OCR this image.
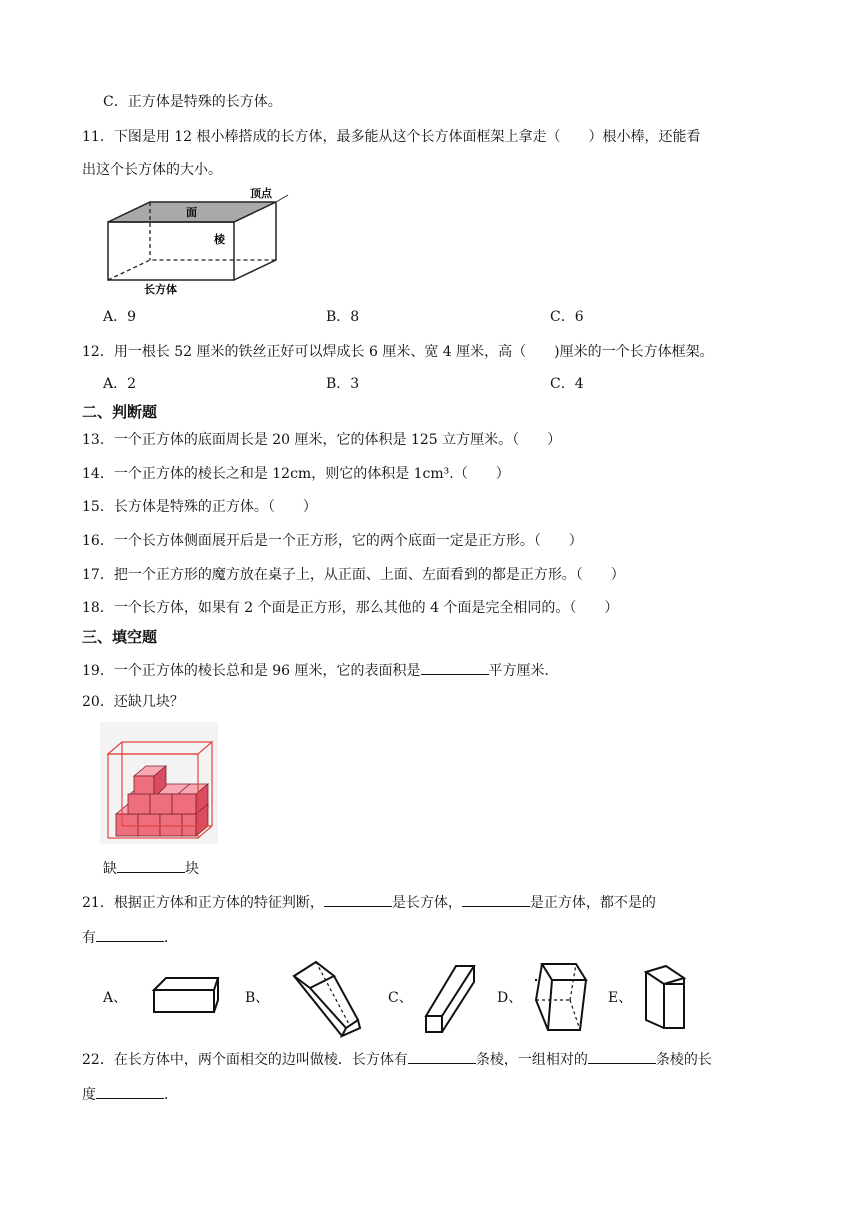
C．正方体是特殊的长方体。
11．下图是用 12 根小棒搭成的长方体，最多能从这个长方体面框架上拿走（　　）根小棒，还能看
出这个长方体的大小。
面
顶点
棱
长方体
A．9	B．8	C．6
12．用一根长 52 厘米的铁丝正好可以焊成长 6 厘米、宽 4 厘米，高（　　)厘米的一个长方体框架。
A．2	B．3	C．4
二、判断题
13．一个正方体的底面周长是 20 厘米，它的体积是 125 立方厘米。（　　）
14．一个正方体的棱长之和是 12cm，则它的体积是 1cm³.（　　）
15．长方体是特殊的正方体。（　　）
16．一个长方体侧面展开后是一个正方形，它的两个底面一定是正方形。（　　）
17．把一个正方形的魔方放在桌子上，从正面、上面、左面看到的都是正方形。（　　）
18．一个长方体，如果有 2 个面是正方形，那么其他的 4 个面是完全相同的。（　　）
三、填空题
19．一个正方体的棱长总和是 96 厘米，它的表面积是	平方厘米．
20．还缺几块？
缺	块
21．根据正方体和正方体的特征判断，	是长方体，	是正方体，都不是的
有	．
A、	B、	C、	D、	E、
22．在长方体中，两个面相交的边叫做棱．长方体有	条棱，一组相对的	条棱的长
度	．
